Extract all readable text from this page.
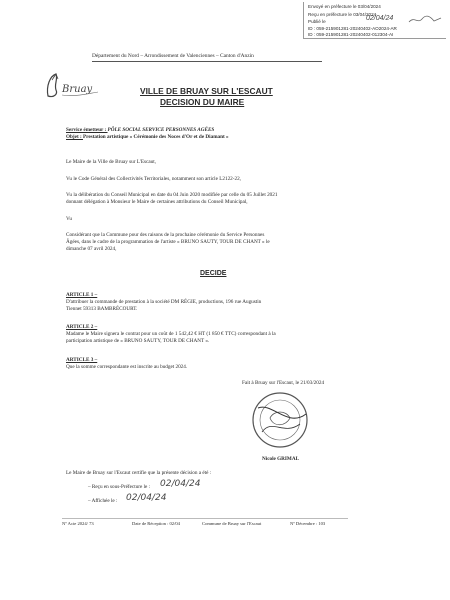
Envoyé en préfecture le 03/04/2024
Reçu en préfecture le 03/04/2024
Publié le	02/04/24
ID : 059-215901281-20240402-AO2024-AR
ID : 059-215901281-20240402-012304-AI
Département du Nord – Arrondissement de Valenciennes – Canton d'Anzin
Bruay	VILLE DE BRUAY SUR L'ESCAUT
DECISION DU MAIRE
Service émetteur : PÔLE SOCIAL SERVICE PERSONNES AGÉES
Objet : Prestation artistique « Cérémonie des Noces d'Or et de Diamant »
Le Maire de la Ville de Bruay sur L'Escaut,
Vu le Code Général des Collectivités Territoriales, notamment son article L2122-22,
Vu la délibération du Conseil Municipal en date du 04 Juin 2020 modifiée par celle du 05 Juillet 2021
donnant délégation à Monsieur le Maire de certaines attributions du Conseil Municipal,
Vu
Considérant que la Commune pour des raisons de la prochaine cérémonie du Service Personnes
Âgées, dans le cadre de la programmation de l'artiste « BRUNO SAUTY, TOUR DE CHANT » le
dimanche 07 avril 2024,
DECIDE
ARTICLE 1 –
D'attribuer la commande de prestation à la société DM RÉGIE, productions, 196 rue Augustin
Tiennet 59313 BAMBRÉCOURT.
ARTICLE 2 –
Madame le Maire signera le contrat pour un coût de 1 542,42 € HT (1 850 € TTC) correspondant à la
participation artistique de « BRUNO SAUTY, TOUR DE CHANT ».
ARTICLE 3 –
Que la somme correspondante est inscrite au budget 2024.
Fait à Bruay sur l'Escaut, le 21/03/2024
Nicole GRIMAL
Le Maire de Bruay sur l'Escaut certifie que la présente décision a été :
– Reçu en sous-Préfecture le : 02/04/24
– Affichée le : 02/04/24
Nº Acte 2024/ 73	Date de Réception : 02/04	Commune de Bruay sur l'Escaut	Nº Décembre : 103
